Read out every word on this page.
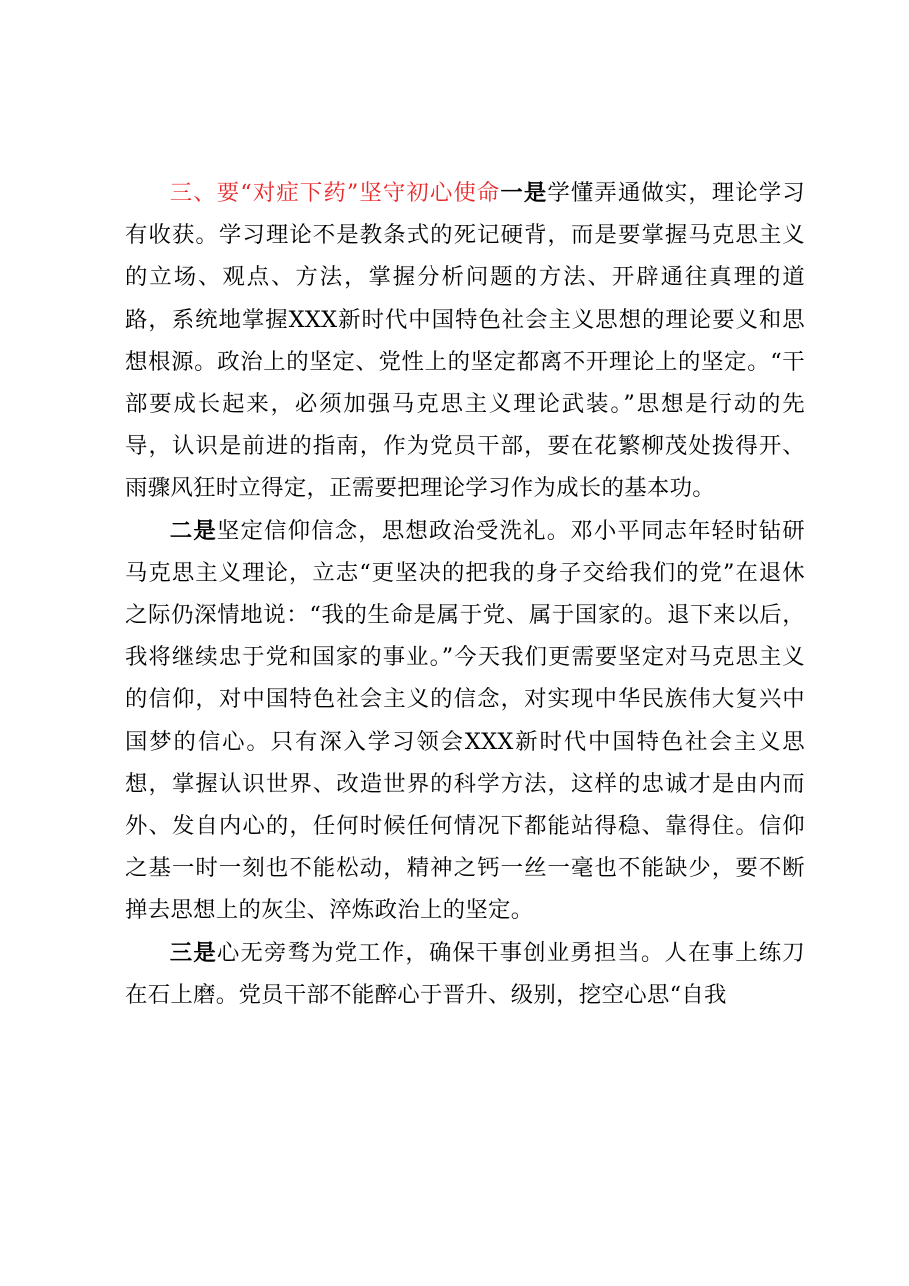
三、要“对症下药”坚守初心使命一是学懂弄通做实，理论学习有收获。学习理论不是教条式的死记硬背，而是要掌握马克思主义的立场、观点、方法，掌握分析问题的方法、开辟通往真理的道路，系统地掌握XXX新时代中国特色社会主义思想的理论要义和思想根源。政治上的坚定、党性上的坚定都离不开理论上的坚定。“干部要成长起来，必须加强马克思主义理论武装。”思想是行动的先导，认识是前进的指南，作为党员干部，要在花繁柳茂处拨得开、雨骤风狂时立得定，正需要把理论学习作为成长的基本功。

二是坚定信仰信念，思想政治受洗礼。邓小平同志年轻时钻研马克思主义理论，立志“更坚决的把我的身子交给我们的党”在退休之际仍深情地说：“我的生命是属于党、属于国家的。退下来以后，我将继续忠于党和国家的事业。”今天我们更需要坚定对马克思主义的信仰，对中国特色社会主义的信念，对实现中华民族伟大复兴中国梦的信心。只有深入学习领会XXX新时代中国特色社会主义思想，掌握认识世界、改造世界的科学方法，这样的忠诚才是由内而外、发自内心的，任何时候任何情况下都能站得稳、靠得住。信仰之基一时一刻也不能松动，精神之钙一丝一毫也不能缺少，要不断掸去思想上的灰尘、淬炼政治上的坚定。

三是心无旁骛为党工作，确保干事创业勇担当。人在事上练刀在石上磨。党员干部不能醉心于晋升、级别，挖空心思“自我
